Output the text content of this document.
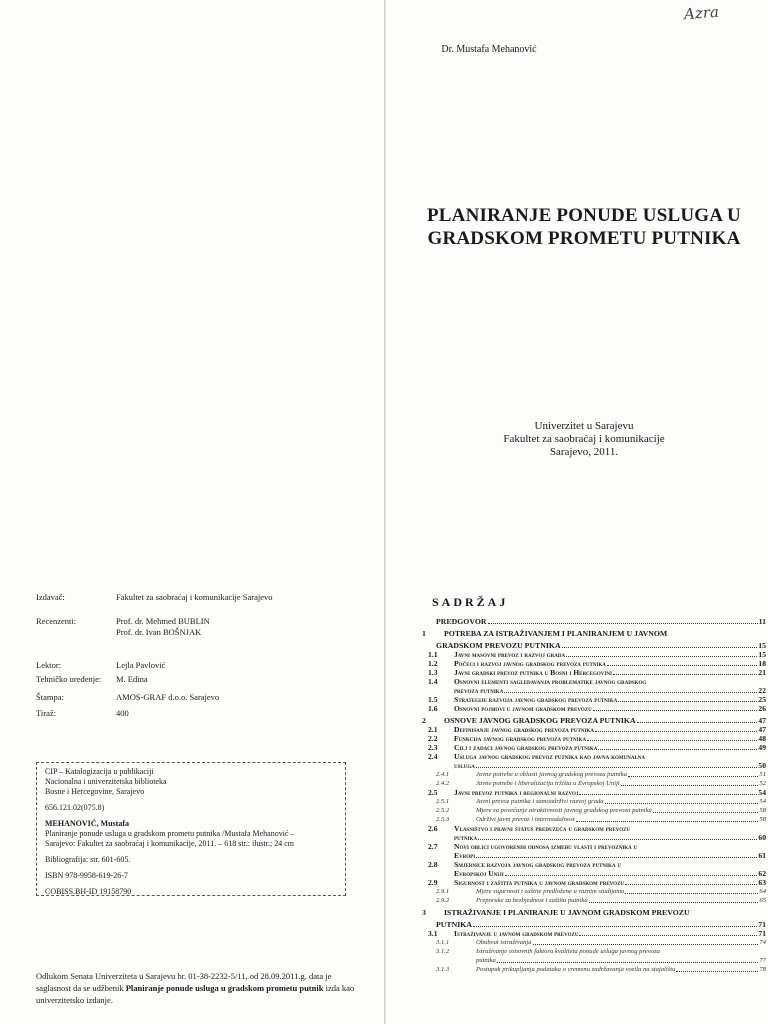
Azra
Dr. Mustafa Mehanović
PLANIRANJE PONUDE USLUGA U
GRADSKOM PROMETU PUTNIKA
Univerzitet u Sarajevu
Fakultet za saobraćaj i komunikacije
Sarajevo, 2011.
Izdavač:	Fakultet za saobraćaj i komunikacije Sarajevo
Recenzenti:	Prof. dr. Mehmed BUBLIN
Prof. dr. Ivan BOŠNJAK
Lektor:	Lejla Pavlović
Tehničko uređenje: M. Edina
Štampa:	AMOS-GRAF d.o.o. Sarajevo
Tiraž:	400
CIP – Katalogizacija u publikaciji
Nacionalna i univerzitetska biblioteka
Bosne i Hercegovine, Sarajevo
656.121.02(075.8)
MEHANOVIĆ, Mustafa
Planiranje ponude usluga u gradskom prometu putnika /Mustafa Mehanović –
Sarajevo: Fakultet za saobraćaj i komunikacije, 2011. – 618 str.: ilustr.; 24 cm
Bibliografija: str. 601-605.
ISBN 978-9958-619-26-7
COBISS.BH-ID 19158790
Odlukom Senata Univerziteta u Sarajevu br. 01-38-2232-5/11, od 28.09.2011.g. data je saglasnost da se udžbenik Planiranje ponude usluga u gradskom prometu putnik izda kao univerzitetsko izdanje.
SADRŽAJ
PREDGOVOR	11
1	POTREBA ZA ISTRAŽIVANJEM I PLANIRANJEM U JAVNOM
GRADSKOM PREVOZU PUTNIKA	15
1.1	Javni masovni prevoz i razvoj grada	15
1.2	Počeci i razvoj javnog gradskog prevoza putnika	18
1.3	Javni gradski prevoz putnika u Bosni i Hercegovini	21
1.4	Osnovni elementi sagledavanja problematike javnog gradskog
prevoza putnika	22
1.5	Strategije razvoja javnog gradskog prevoza putnika	25
1.6	Osnovni pojmovi u javnom gradskom prevozu	26
2	OSNOVE JAVNOG GRADSKOG PREVOZA PUTNIKA	47
2.1	Definisanje javnog gradskog prevoza putnika	47
2.2	Funkcija javnog gradskog prevoza putnika	48
2.3	Cilj i zadaci javnog gradskog prevoza putnika	49
2.4	Usluga javnog gradskog prevoz putnika kao javna komunalna
usluga	50
2.4.1	Javne potrebe u oblasti javnog gradskog prevoza putnika	51
2.4.2	Javne potrebe i liberalizacija tržišta u Evropskoj Uniji	52
2.5	Javni prevoz putnika i regionalni razvoj	54
2.5.1	Javni prevoz putnika i samoodrživi razvoj grada	54
2.5.2	Mjere za povećanje atraktivnosti javnog gradskog prevoza putnika	58
2.5.3	Održivi javni prevoz i intermodalnost	58
2.6	Vlasništvo i pravni status preduzeća u gradskom prevozu
putnika	60
2.7	Novi oblici ugovorenih odnosa između vlasti i prevoznika u
Evropi	61
2.8	Smjernice razvoja javnog gradskog prevoza putnika u
Evropskoj Uniji	62
2.9	Sigurnost i zaštita putnika u javnom gradskom prevozu	63
2.9.1	Mjere sigurnosti i zaštite predložene u raznim studijama	64
2.9.2	Preporuke za bezbjednost i zaštitu putnika	65
3	ISTRAŽIVANJE I PLANIRANJE U JAVNOM GRADSKOM PREVOZU
PUTNIKA	71
3.1	Istraživanje u javnom gradskom prevozu	71
3.1.1	Obuhvat istraživanja	74
3.1.2	Istraživanje osnovnih faktora kvaliteta ponude usluga javnog prevoza
putnika	77
3.1.3	Postupak prikupljanja podataka o vremenu zadržavanja vozila na stajalištu	78
